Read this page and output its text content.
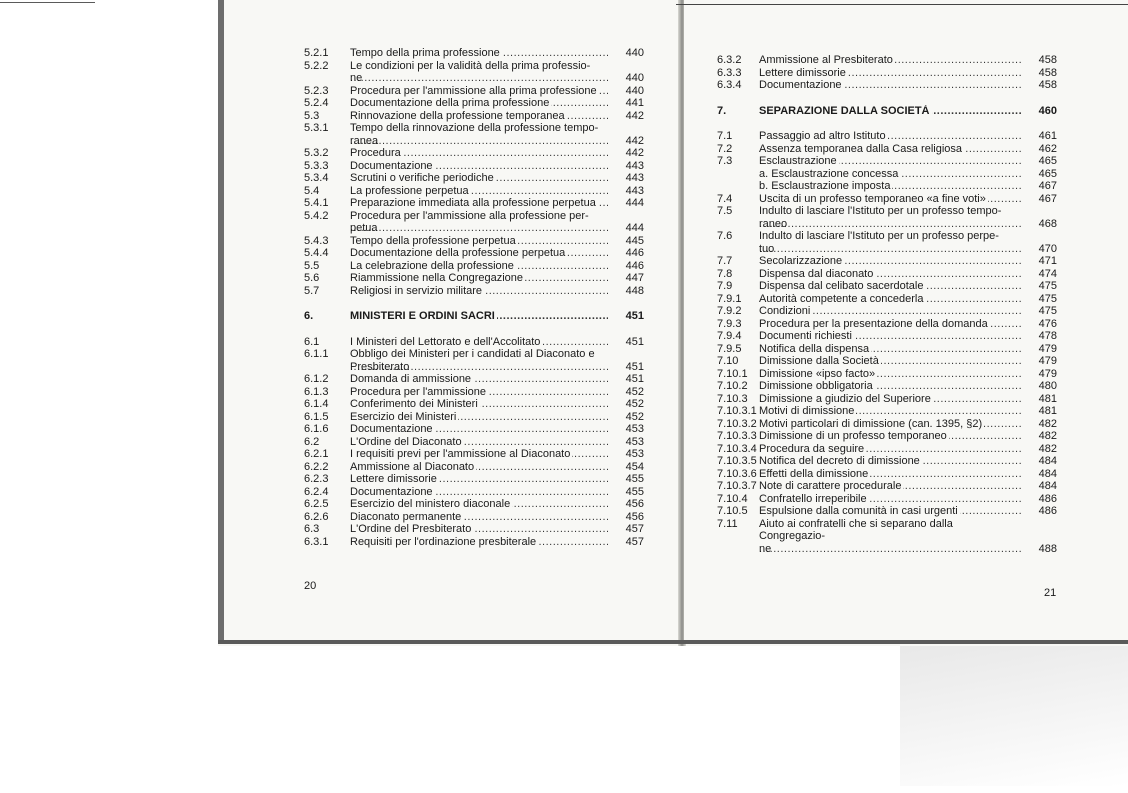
5.2.1	Tempo della prima professione .....	440
5.2.2	Le condizioni per la validità della prima professio-
ne .....	440
5.2.3	Procedura per l'ammissione alla prima professione .....	440
5.2.4	Documentazione della prima professione .....	441
5.3	Rinnovazione della professione temporanea .....	442
5.3.1	Tempo della rinnovazione della professione tempo-
ranea .....	442
5.3.2	Procedura .....	442
5.3.3	Documentazione .....	443
5.3.4	Scrutini o verifiche periodiche .....	443
5.4	La professione perpetua .....	443
5.4.1	Preparazione immediata alla professione perpetua .....	444
5.4.2	Procedura per l'ammissione alla professione per-
petua .....	444
5.4.3	Tempo della professione perpetua .....	445
5.4.4	Documentazione della professione perpetua .....	446
5.5	La celebrazione della professione .....	446
5.6	Riammissione nella Congregazione .....	447
5.7	Religiosi in servizio militare .....	448
6.	MINISTERI E ORDINI SACRI .....	451
6.1	I Ministeri del Lettorato e dell'Accolitato .....	451
6.1.1	Obbligo dei Ministeri per i candidati al Diaconato e
Presbiterato .....	451
6.1.2	Domanda di ammissione .....	451
6.1.3	Procedura per l'ammissione .....	452
6.1.4	Conferimento dei Ministeri .....	452
6.1.5	Esercizio dei Ministeri .....	452
6.1.6	Documentazione .....	453
6.2	L'Ordine del Diaconato .....	453
6.2.1	I requisiti previ per l'ammissione al Diaconato .....	453
6.2.2	Ammissione al Diaconato .....	454
6.2.3	Lettere dimissorie .....	455
6.2.4	Documentazione .....	455
6.2.5	Esercizio del ministero diaconale .....	456
6.2.6	Diaconato permanente .....	456
6.3	L'Ordine del Presbiterato .....	457
6.3.1	Requisiti per l'ordinazione presbiterale .....	457
6.3.2	Ammissione al Presbiterato .....	458
6.3.3	Lettere dimissorie .....	458
6.3.4	Documentazione .....	458
7.	SEPARAZIONE DALLA SOCIETÀ .....	460
7.1	Passaggio ad altro Istituto .....	461
7.2	Assenza temporanea dalla Casa religiosa .....	462
7.3	Esclaustrazione .....	465
a. Esclaustrazione concessa .....	465
b. Esclaustrazione imposta .....	467
7.4	Uscita di un professo temporaneo «a fine voti» .....	467
7.5	Indulto di lasciare l'Istituto per un professo tempo-
raneo .....	468
7.6	Indulto di lasciare l'Istituto per un professo perpe-
tuo .....	470
7.7	Secolarizzazione .....	471
7.8	Dispensa dal diaconato .....	474
7.9	Dispensa dal celibato sacerdotale .....	475
7.9.1	Autorità competente a concederla .....	475
7.9.2	Condizioni .....	475
7.9.3	Procedura per la presentazione della domanda .....	476
7.9.4	Documenti richiesti .....	478
7.9.5	Notifica della dispensa .....	479
7.10	Dimissione dalla Società .....	479
7.10.1	Dimissione «ipso facto» .....	479
7.10.2	Dimissione obbligatoria .....	480
7.10.3	Dimissione a giudizio del Superiore .....	481
7.10.3.1 Motivi di dimissione .....	481
7.10.3.2 Motivi particolari di dimissione (can. 1395, §2) .....	482
7.10.3.3 Dimissione di un professo temporaneo .....	482
7.10.3.4 Procedura da seguire .....	482
7.10.3.5 Notifica del decreto di dimissione .....	484
7.10.3.6 Effetti della dimissione .....	484
7.10.3.7 Note di carattere procedurale .....	484
7.10.4	Confratello irreperibile .....	486
7.10.5	Espulsione dalla comunità in casi urgenti .....	486
7.11	Aiuto ai confratelli che si separano dalla Congregazio-
ne .....	488
20
21
